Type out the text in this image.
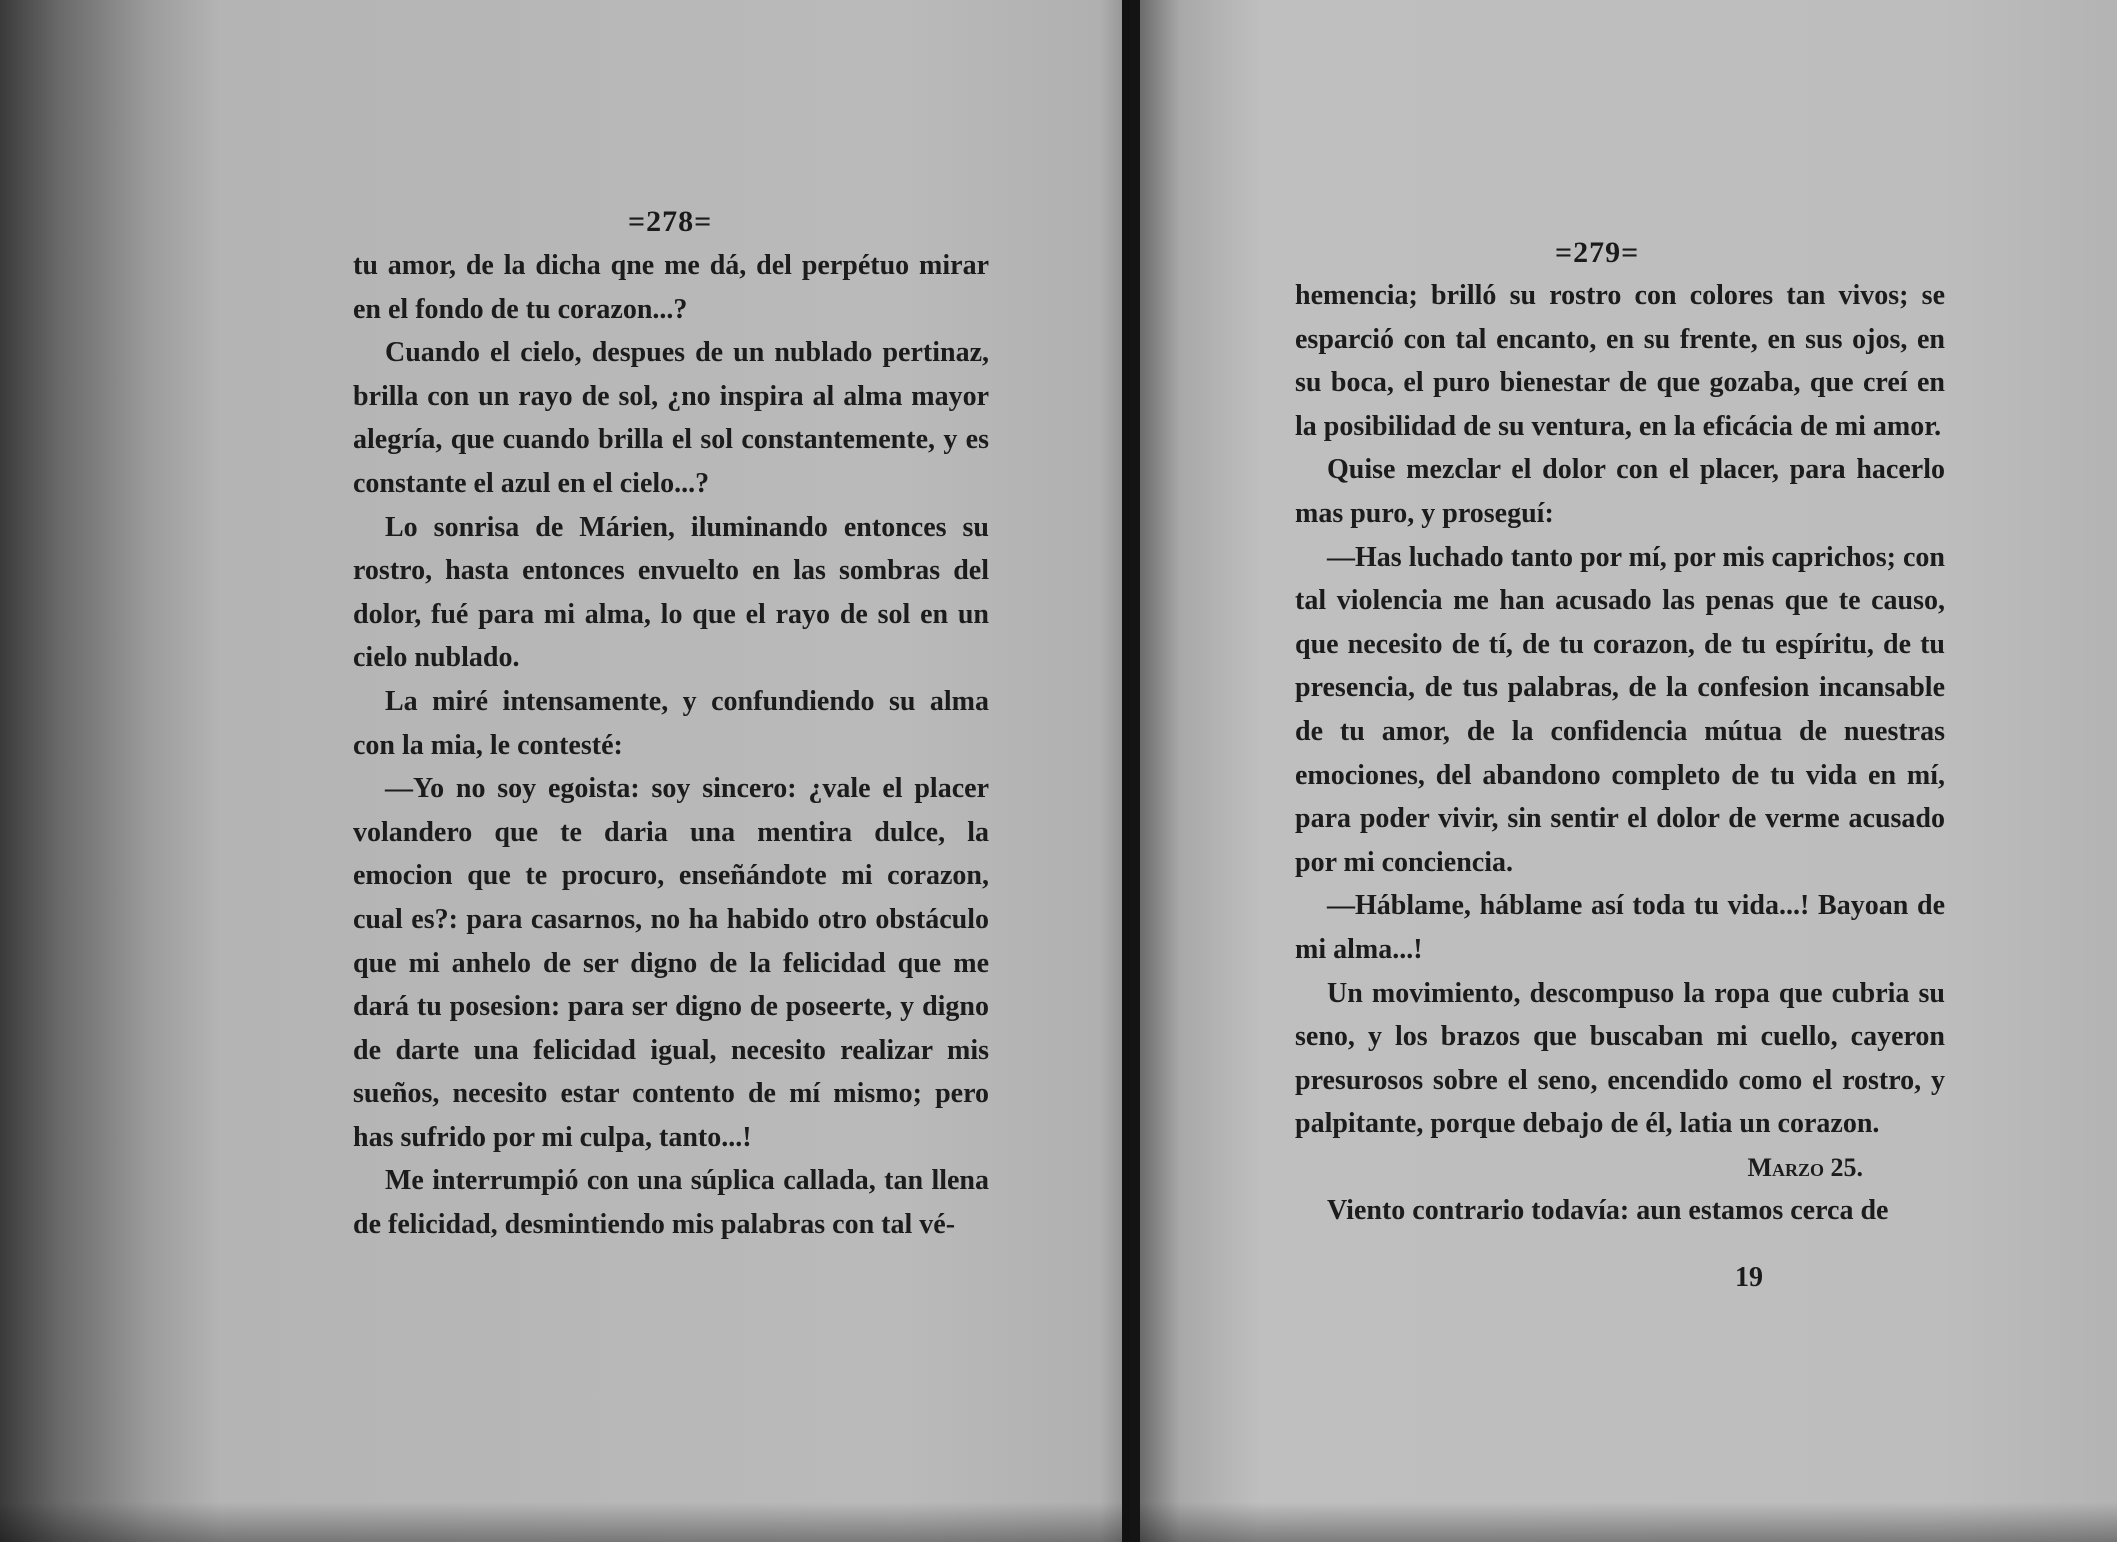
=278=

tu amor, de la dicha qne me dá, del perpétuo mirar en el fondo de tu corazon...?

Cuando el cielo, despues de un nublado pertinaz, brilla con un rayo de sol, ¿no inspira al alma mayor alegría, que cuando brilla el sol constantemente, y es constante el azul en el cielo...?

Lo sonrisa de Márien, iluminando entonces su rostro, hasta entonces envuelto en las sombras del dolor, fué para mi alma, lo que el rayo de sol en un cielo nublado.

La miré intensamente, y confundiendo su alma con la mia, le contesté:

—Yo no soy egoista: soy sincero: ¿vale el placer volandero que te daria una mentira dulce, la emocion que te procuro, enseñándote mi corazon, cual es?: para casarnos, no ha habido otro obstáculo que mi anhelo de ser digno de la felicidad que me dará tu posesion: para ser digno de poseerte, y digno de darte una felicidad igual, necesito realizar mis sueños, necesito estar contento de mí mismo; pero has sufrido por mi culpa, tanto...!

Me interrumpió con una súplica callada, tan llena de felicidad, desmintiendo mis palabras con tal vé-

=279=

hemencia; brilló su rostro con colores tan vivos; se esparció con tal encanto, en su frente, en sus ojos, en su boca, el puro bienestar de que gozaba, que creí en la posibilidad de su ventura, en la eficácia de mi amor.

Quise mezclar el dolor con el placer, para hacerlo mas puro, y proseguí:

—Has luchado tanto por mí, por mis caprichos; con tal violencia me han acusado las penas que te causo, que necesito de tí, de tu corazon, de tu espíritu, de tu presencia, de tus palabras, de la confesion incansable de tu amor, de la confidencia mútua de nuestras emociones, del abandono completo de tu vida en mí, para poder vivir, sin sentir el dolor de verme acusado por mi conciencia.

—Háblame, háblame así toda tu vida...! Bayoan de mi alma...!

Un movimiento, descompuso la ropa que cubria su seno, y los brazos que buscaban mi cuello, cayeron presurosos sobre el seno, encendido como el rostro, y palpitante, porque debajo de él, latia un corazon.

Marzo 25.

Viento contrario todavía: aun estamos cerca de

19
